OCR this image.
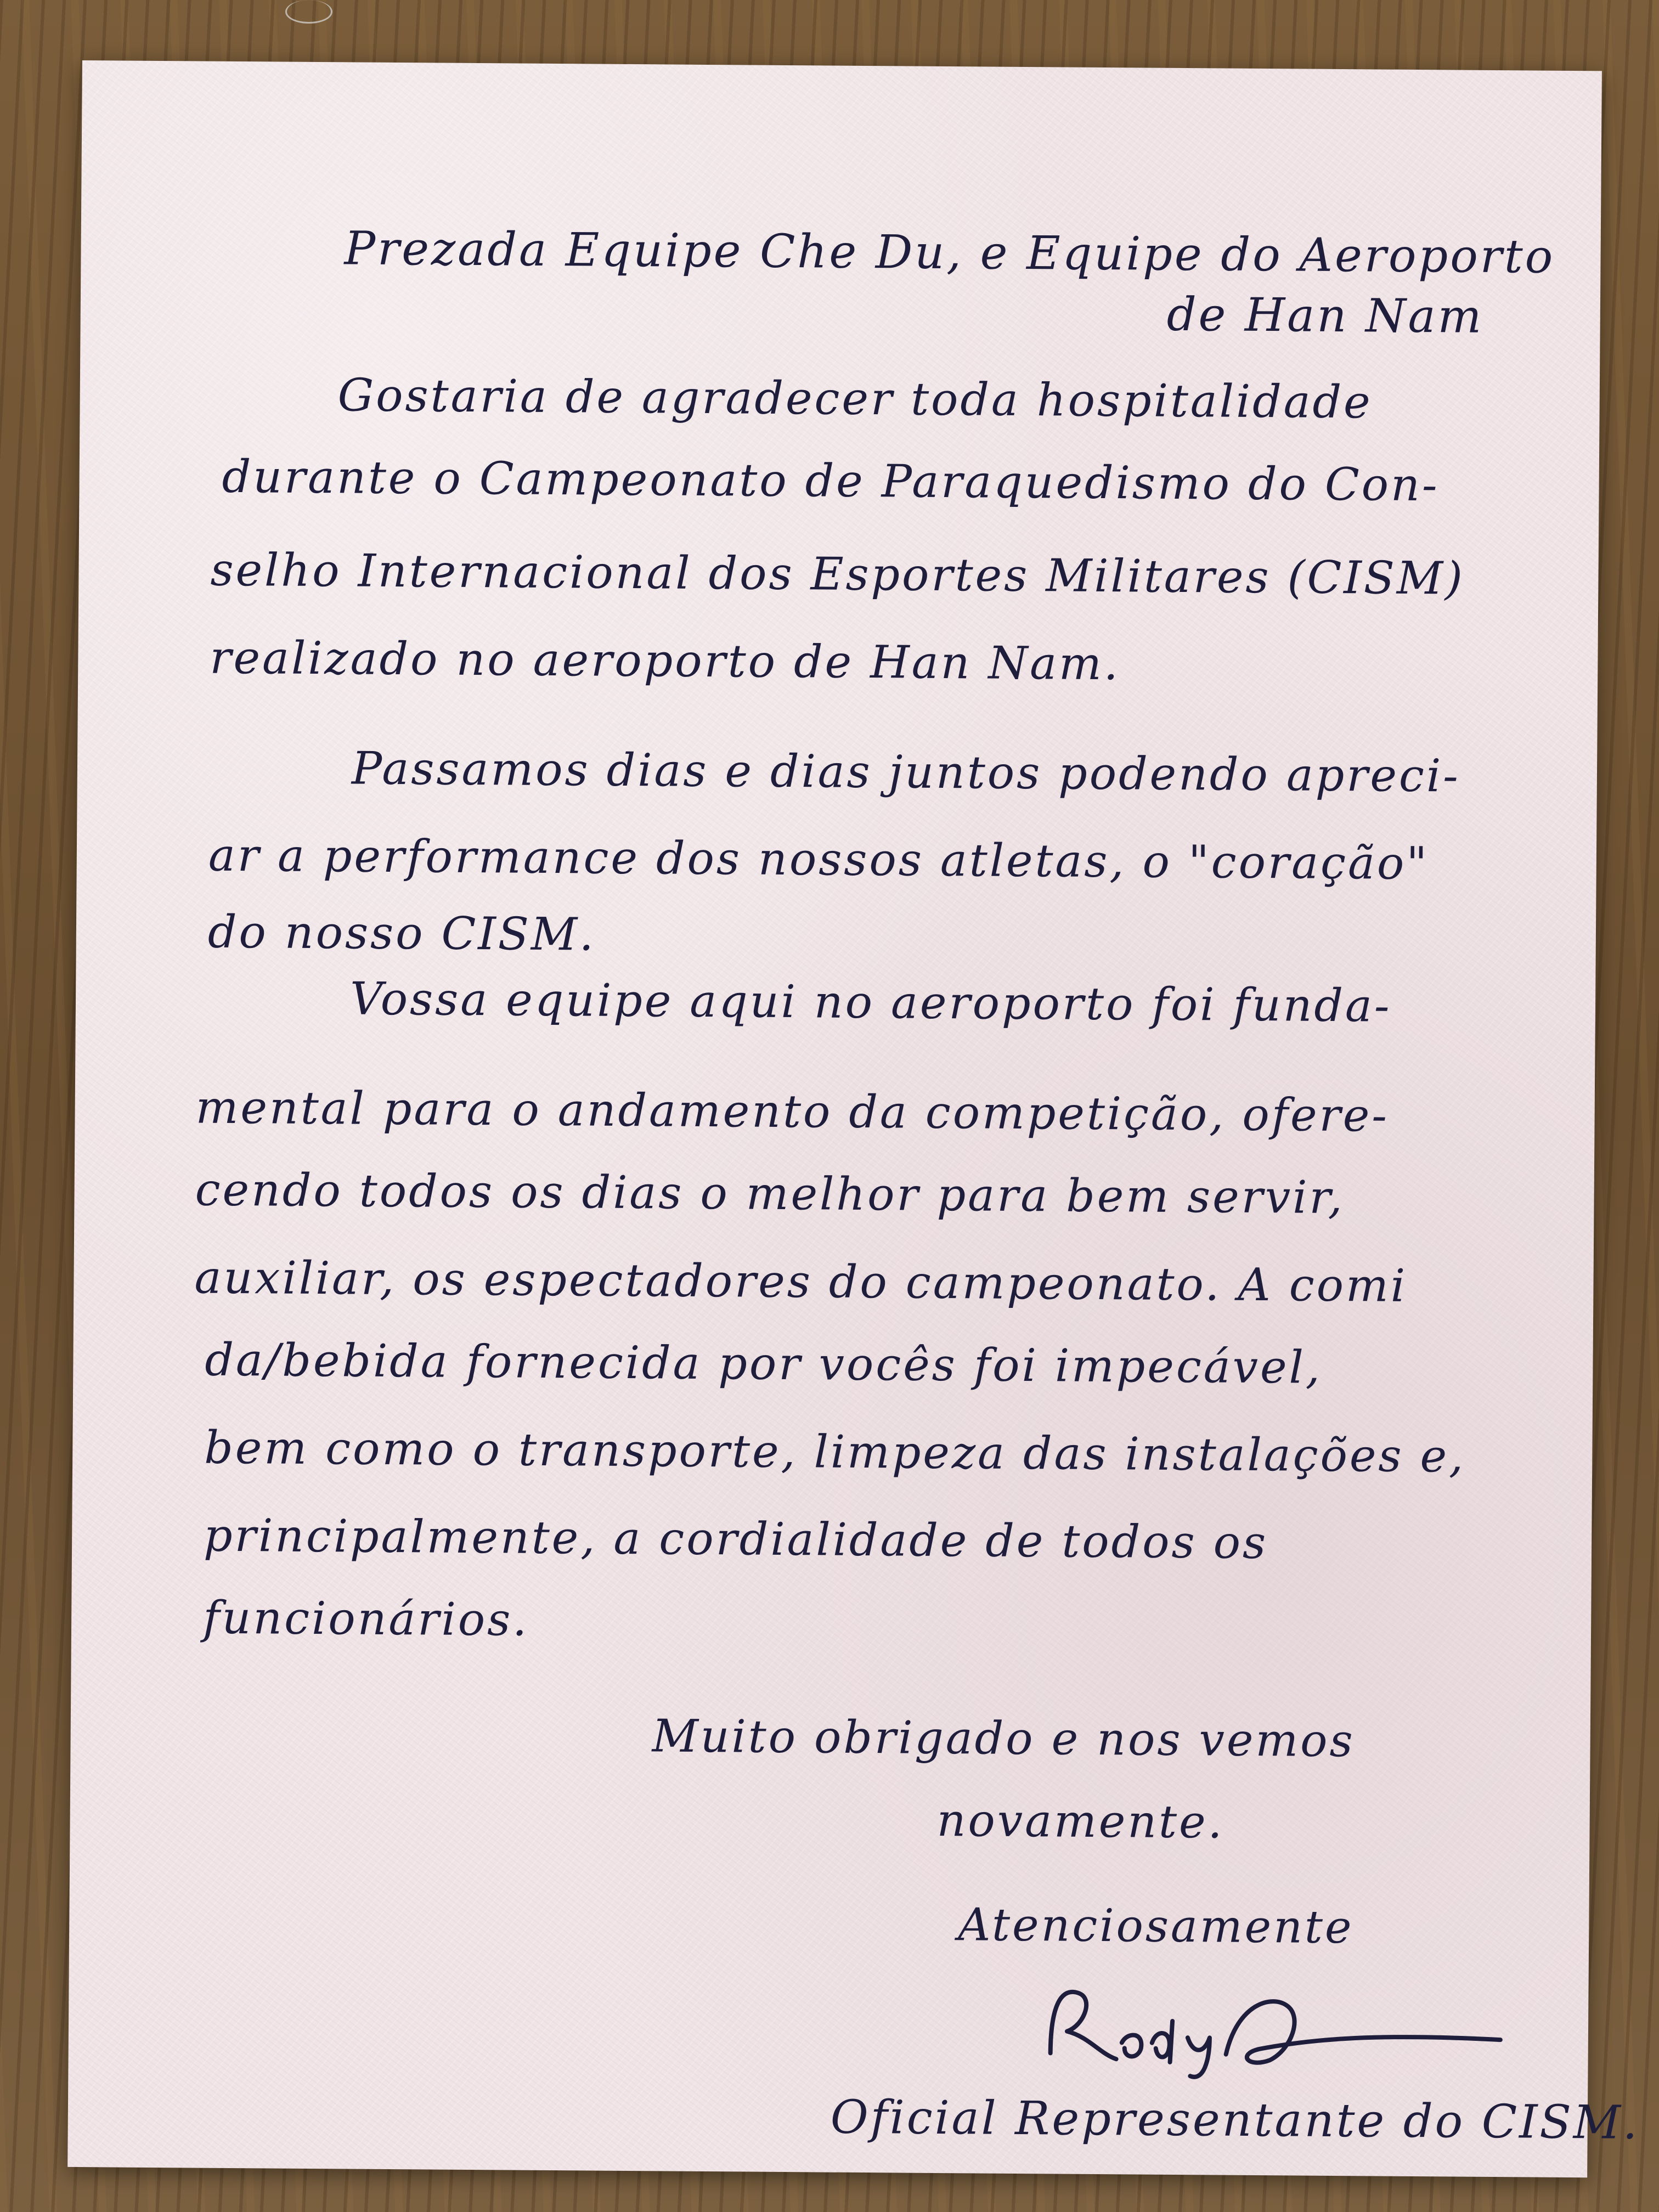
Prezada Equipe Che Du, e Equipe do Aeroporto
de Han Nam
Gostaria de agradecer toda hospitalidade
durante o Campeonato de Paraquedismo do Con-
selho Internacional dos Esportes Militares (CISM)
realizado no aeroporto de Han Nam.
Passamos dias e dias juntos podendo apreci-
ar a performance dos nossos atletas, o "coração"
do nosso CISM.
Vossa equipe aqui no aeroporto foi funda-
mental para o andamento da competição, ofere-
cendo todos os dias o melhor para bem servir,
auxiliar, os espectadores do campeonato. A comi
da/bebida fornecida por vocês foi impecável,
bem como o transporte, limpeza das instalações e,
principalmente, a cordialidade de todos os
funcionários.
Muito obrigado e nos vemos
novamente.
Atenciosamente
Oficial Representante do CISM.
